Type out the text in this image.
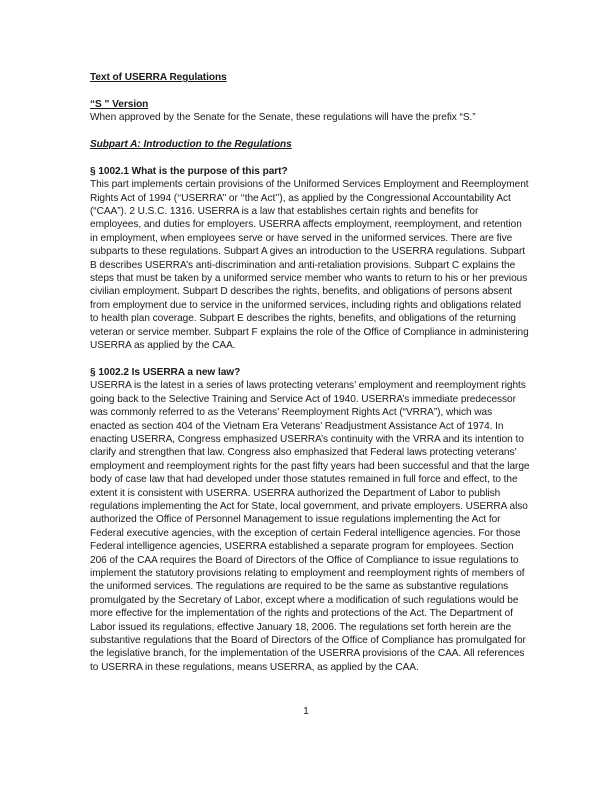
Text of USERRA Regulations

“S ” Version

When approved by the Senate for the Senate, these regulations will have the prefix “S.”

Subpart A: Introduction to the Regulations

§ 1002.1 What is the purpose of this part?

This part implements certain provisions of the Uniformed Services Employment and Reemployment Rights Act of 1994 (‘‘USERRA’’ or ‘‘the Act’’), as applied by the Congressional Accountability Act (“CAA”). 2 U.S.C. 1316. USERRA is a law that establishes certain rights and benefits for employees, and duties for employers. USERRA affects employment, reemployment, and retention in employment, when employees serve or have served in the uniformed services. There are five subparts to these regulations. Subpart A gives an introduction to the USERRA regulations. Subpart B describes USERRA’s anti-discrimination and anti-retaliation provisions. Subpart C explains the steps that must be taken by a uniformed service member who wants to return to his or her previous civilian employment. Subpart D describes the rights, benefits, and obligations of persons absent from employment due to service in the uniformed services, including rights and obligations related to health plan coverage. Subpart E describes the rights, benefits, and obligations of the returning veteran or service member. Subpart F explains the role of the Office of Compliance in administering USERRA as applied by the CAA.

§ 1002.2 Is USERRA a new law?

USERRA is the latest in a series of laws protecting veterans’ employment and reemployment rights going back to the Selective Training and Service Act of 1940. USERRA’s immediate predecessor was commonly referred to as the Veterans’ Reemployment Rights Act (“VRRA”), which was enacted as section 404 of the Vietnam Era Veterans’ Readjustment Assistance Act of 1974. In enacting USERRA, Congress emphasized USERRA’s continuity with the VRRA and its intention to clarify and strengthen that law. Congress also emphasized that Federal laws protecting veterans’ employment and reemployment rights for the past fifty years had been successful and that the large body of case law that had developed under those statutes remained in full force and effect, to the extent it is consistent with USERRA. USERRA authorized the Department of Labor to publish regulations implementing the Act for State, local government, and private employers. USERRA also authorized the Office of Personnel Management to issue regulations implementing the Act for Federal executive agencies, with the exception of certain Federal intelligence agencies. For those Federal intelligence agencies, USERRA established a separate program for employees. Section 206 of the CAA requires the Board of Directors of the Office of Compliance to issue regulations to implement the statutory provisions relating to employment and reemployment rights of members of the uniformed services. The regulations are required to be the same as substantive regulations promulgated by the Secretary of Labor, except where a modification of such regulations would be more effective for the implementation of the rights and protections of the Act. The Department of Labor issued its regulations, effective January 18, 2006. The regulations set forth herein are the substantive regulations that the Board of Directors of the Office of Compliance has promulgated for the legislative branch, for the implementation of the USERRA provisions of the CAA. All references to USERRA in these regulations, means USERRA, as applied by the CAA.

1
